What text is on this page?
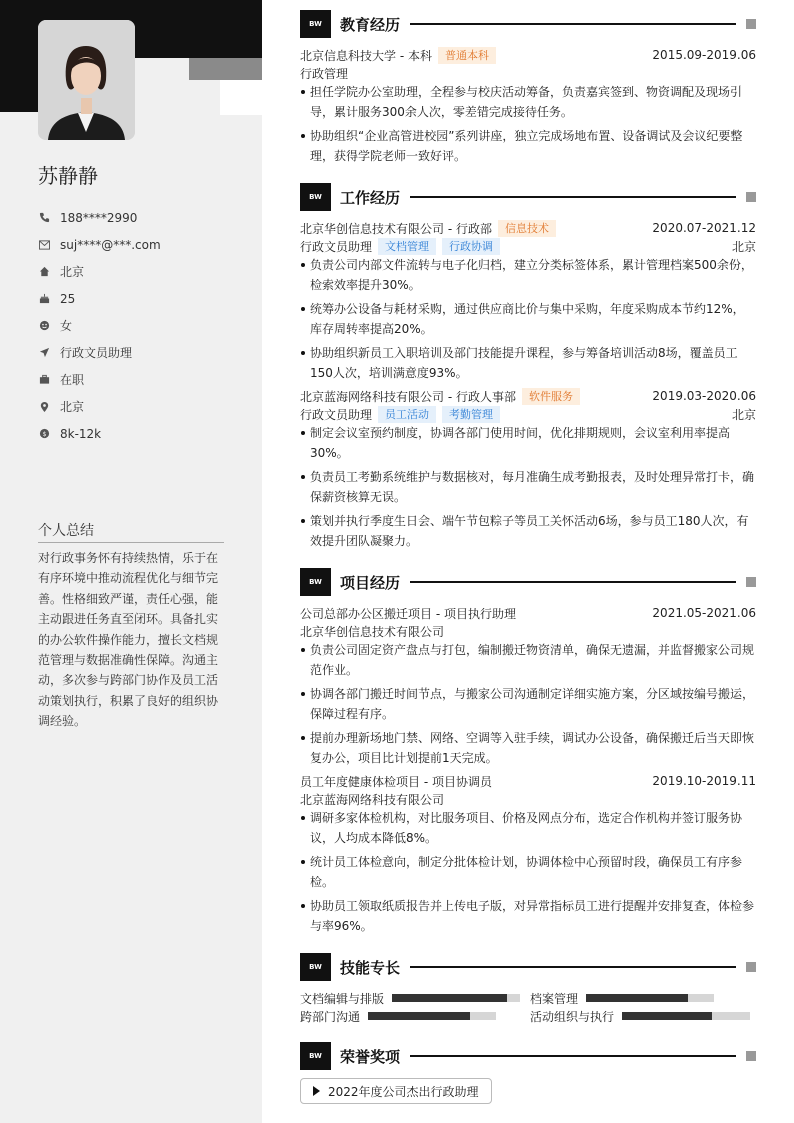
苏静静
188****2990
suj****@***.com
北京
25
女
行政文员助理
在职
北京
$ 8k-12k
个人总结

对行政事务怀有持续热情，乐于在有序环境中推动流程优化与细节完善。性格细致严谨，责任心强，能主动跟进任务直至闭环。具备扎实的办公软件操作能力，擅长文档规范管理与数据准确性保障。沟通主动，多次参与跨部门协作及员工活动策划执行，积累了良好的组织协调经验。

BW	教育经历
北京信息科技大学 - 本科	普通本科	2015.09-2019.06
行政管理
担任学院办公室助理，全程参与校庆活动筹备，负责嘉宾签到、物资调配及现场引导，累计服务300余人次，零差错完成接待任务。
协助组织“企业高管进校园”系列讲座，独立完成场地布置、设备调试及会议纪要整理，获得学院老师一致好评。
BW	工作经历
北京华创信息技术有限公司 - 行政部	信息技术	2020.07-2021.12
行政文员助理	文档管理	行政协调	北京
负责公司内部文件流转与电子化归档，建立分类标签体系，累计管理档案500余份，检索效率提升30%。
统筹办公设备与耗材采购，通过供应商比价与集中采购，年度采购成本节约12%，库存周转率提高20%。
协助组织新员工入职培训及部门技能提升课程，参与筹备培训活动8场，覆盖员工150人次，培训满意度93%。
北京蓝海网络科技有限公司 - 行政人事部	软件服务	2019.03-2020.06
行政文员助理	员工活动	考勤管理	北京
制定会议室预约制度，协调各部门使用时间，优化排期规则，会议室利用率提高30%。
负责员工考勤系统维护与数据核对，每月准确生成考勤报表，及时处理异常打卡，确保薪资核算无误。
策划并执行季度生日会、端午节包粽子等员工关怀活动6场，参与员工180人次，有效提升团队凝聚力。
BW	项目经历
公司总部办公区搬迁项目 - 项目执行助理	2021.05-2021.06
北京华创信息技术有限公司
负责公司固定资产盘点与打包，编制搬迁物资清单，确保无遗漏，并监督搬家公司规范作业。
协调各部门搬迁时间节点，与搬家公司沟通制定详细实施方案，分区域按编号搬运，保障过程有序。
提前办理新场地门禁、网络、空调等入驻手续，调试办公设备，确保搬迁后当天即恢复办公，项目比计划提前1天完成。
员工年度健康体检项目 - 项目协调员	2019.10-2019.11
北京蓝海网络科技有限公司
调研多家体检机构，对比服务项目、价格及网点分布，选定合作机构并签订服务协议，人均成本降低8%。
统计员工体检意向，制定分批体检计划，协调体检中心预留时段，确保员工有序参检。
协助员工领取纸质报告并上传电子版，对异常指标员工进行提醒并安排复查，体检参与率96%。
BW	技能专长
文档编辑与排版	档案管理
跨部门沟通	活动组织与执行
BW	荣誉奖项
2022年度公司杰出行政助理
